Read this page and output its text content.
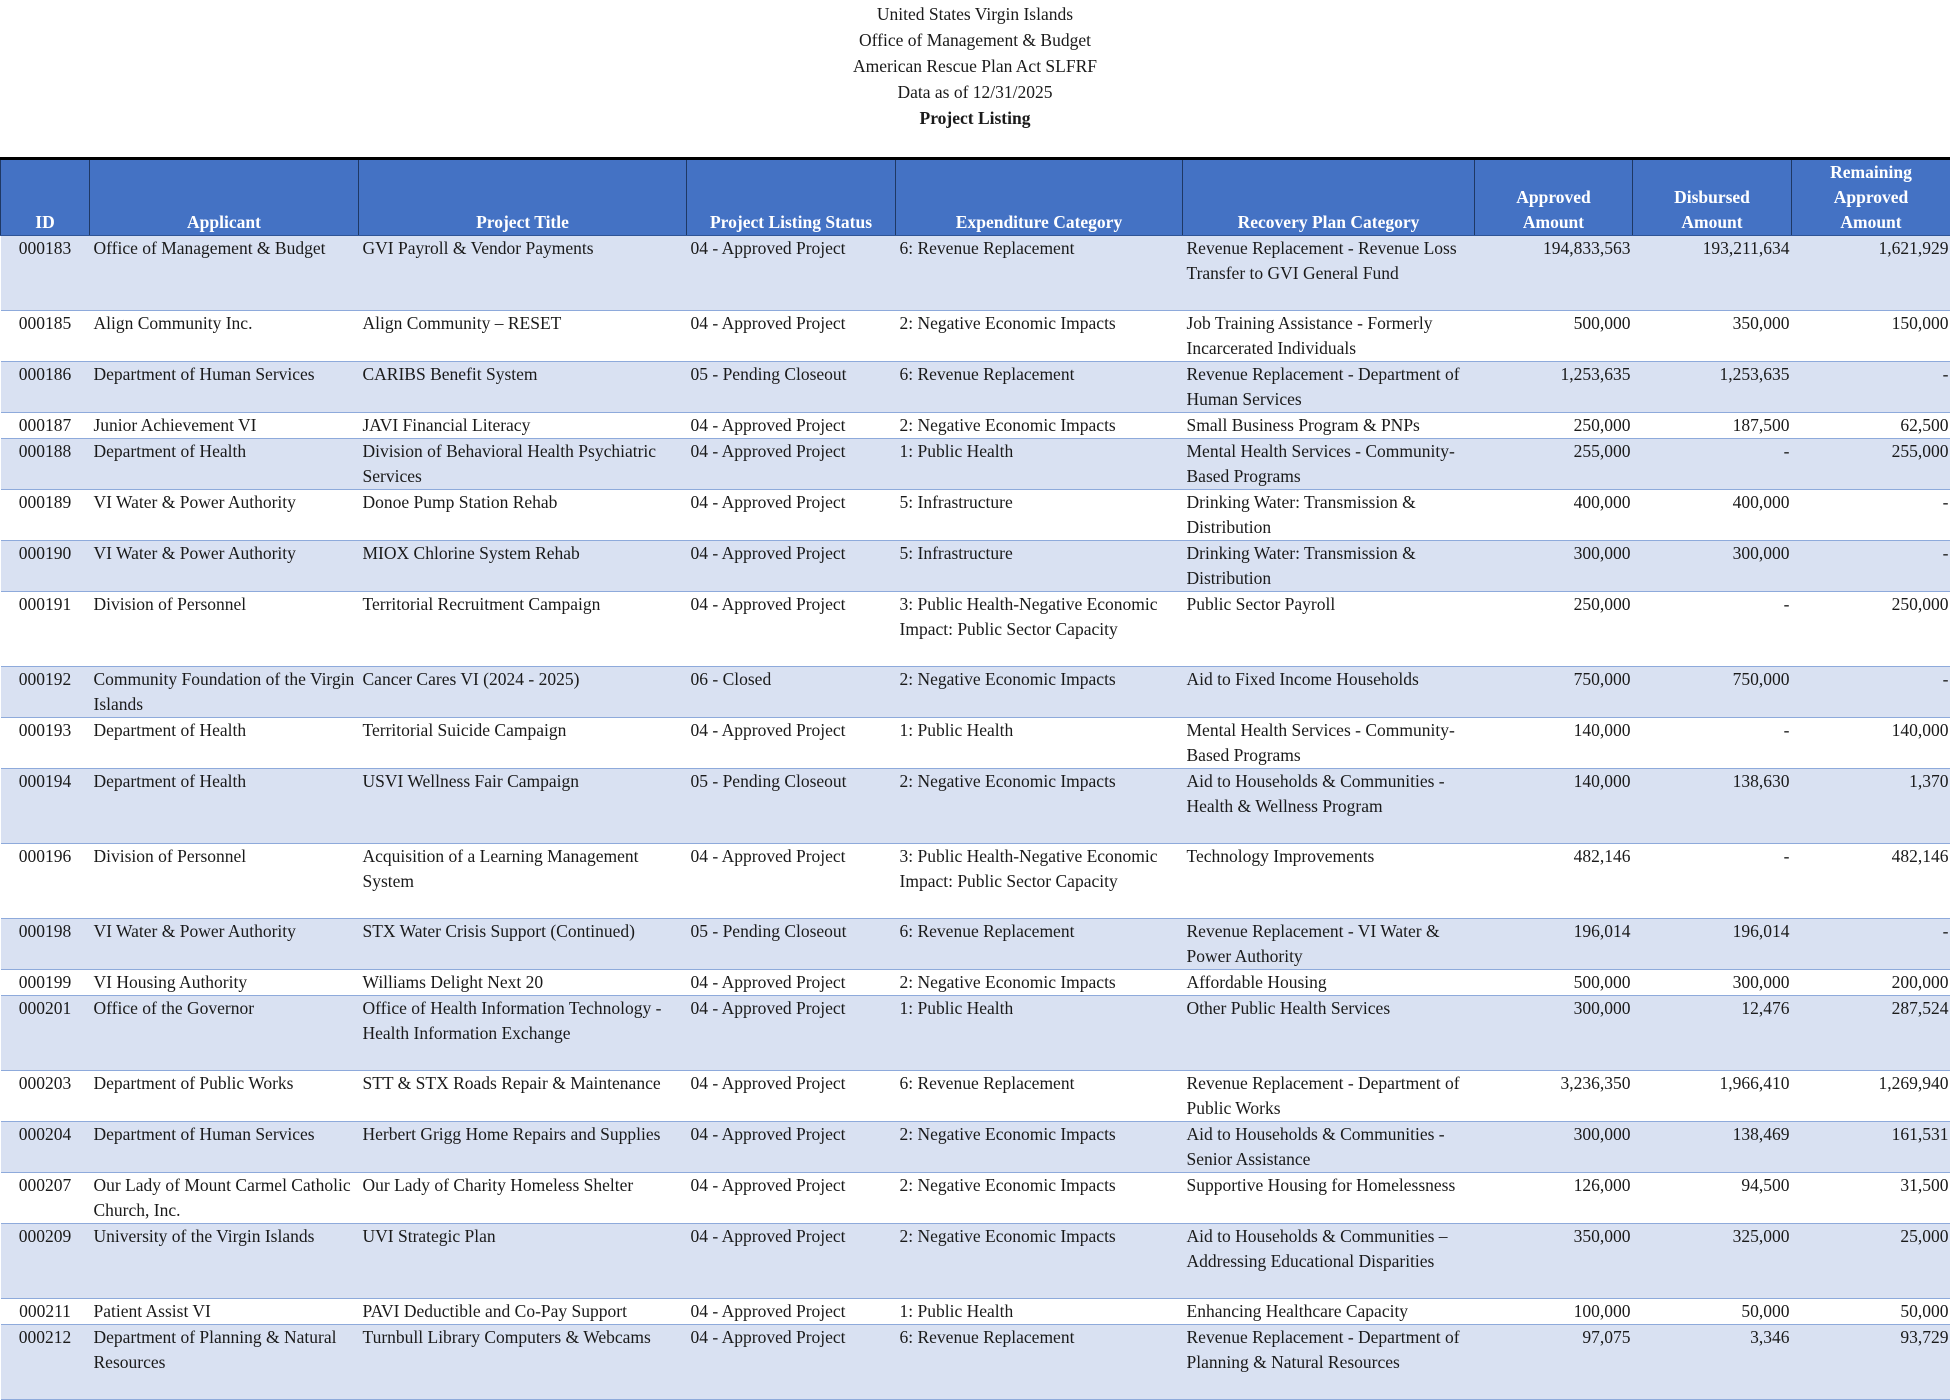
United States Virgin Islands
Office of Management & Budget
American Rescue Plan Act SLFRF
Data as of 12/31/2025
Project Listing
ID	Applicant	Project Title	Project Listing Status	Expenditure Category	Recovery Plan Category	Approved Amount	Disbursed Amount	Remaining Approved Amount
000183	Office of Management & Budget	GVI Payroll & Vendor Payments	04 - Approved Project	6: Revenue Replacement	Revenue Replacement - Revenue Loss Transfer to GVI General Fund	194,833,563	193,211,634	1,621,929
000185	Align Community Inc.	Align Community – RESET	04 - Approved Project	2: Negative Economic Impacts	Job Training Assistance - Formerly Incarcerated Individuals	500,000	350,000	150,000
000186	Department of Human Services	CARIBS Benefit System	05 - Pending Closeout	6: Revenue Replacement	Revenue Replacement - Department of Human Services	1,253,635	1,253,635	-
000187	Junior Achievement VI	JAVI Financial Literacy	04 - Approved Project	2: Negative Economic Impacts	Small Business Program & PNPs	250,000	187,500	62,500
000188	Department of Health	Division of Behavioral Health Psychiatric Services	04 - Approved Project	1: Public Health	Mental Health Services - Community-Based Programs	255,000	-	255,000
000189	VI Water & Power Authority	Donoe Pump Station Rehab	04 - Approved Project	5: Infrastructure	Drinking Water: Transmission & Distribution	400,000	400,000	-
000190	VI Water & Power Authority	MIOX Chlorine System Rehab	04 - Approved Project	5: Infrastructure	Drinking Water: Transmission & Distribution	300,000	300,000	-
000191	Division of Personnel	Territorial Recruitment Campaign	04 - Approved Project	3: Public Health-Negative Economic Impact: Public Sector Capacity	Public Sector Payroll	250,000	-	250,000
000192	Community Foundation of the Virgin Islands	Cancer Cares VI (2024 - 2025)	06 - Closed	2: Negative Economic Impacts	Aid to Fixed Income Households	750,000	750,000	-
000193	Department of Health	Territorial Suicide Campaign	04 - Approved Project	1: Public Health	Mental Health Services - Community-Based Programs	140,000	-	140,000
000194	Department of Health	USVI Wellness Fair Campaign	05 - Pending Closeout	2: Negative Economic Impacts	Aid to Households & Communities - Health & Wellness Program	140,000	138,630	1,370
000196	Division of Personnel	Acquisition of a Learning Management System	04 - Approved Project	3: Public Health-Negative Economic Impact: Public Sector Capacity	Technology Improvements	482,146	-	482,146
000198	VI Water & Power Authority	STX Water Crisis Support (Continued)	05 - Pending Closeout	6: Revenue Replacement	Revenue Replacement - VI Water & Power Authority	196,014	196,014	-
000199	VI Housing Authority	Williams Delight Next 20	04 - Approved Project	2: Negative Economic Impacts	Affordable Housing	500,000	300,000	200,000
000201	Office of the Governor	Office of Health Information Technology - Health Information Exchange	04 - Approved Project	1: Public Health	Other Public Health Services	300,000	12,476	287,524
000203	Department of Public Works	STT & STX Roads Repair & Maintenance	04 - Approved Project	6: Revenue Replacement	Revenue Replacement - Department of Public Works	3,236,350	1,966,410	1,269,940
000204	Department of Human Services	Herbert Grigg Home Repairs and Supplies	04 - Approved Project	2: Negative Economic Impacts	Aid to Households & Communities - Senior Assistance	300,000	138,469	161,531
000207	Our Lady of Mount Carmel Catholic Church, Inc.	Our Lady of Charity Homeless Shelter	04 - Approved Project	2: Negative Economic Impacts	Supportive Housing for Homelessness	126,000	94,500	31,500
000209	University of the Virgin Islands	UVI Strategic Plan	04 - Approved Project	2: Negative Economic Impacts	Aid to Households & Communities – Addressing Educational Disparities	350,000	325,000	25,000
000211	Patient Assist VI	PAVI Deductible and Co-Pay Support	04 - Approved Project	1: Public Health	Enhancing Healthcare Capacity	100,000	50,000	50,000
000212	Department of Planning & Natural Resources	Turnbull Library Computers & Webcams	04 - Approved Project	6: Revenue Replacement	Revenue Replacement - Department of Planning & Natural Resources	97,075	3,346	93,729
